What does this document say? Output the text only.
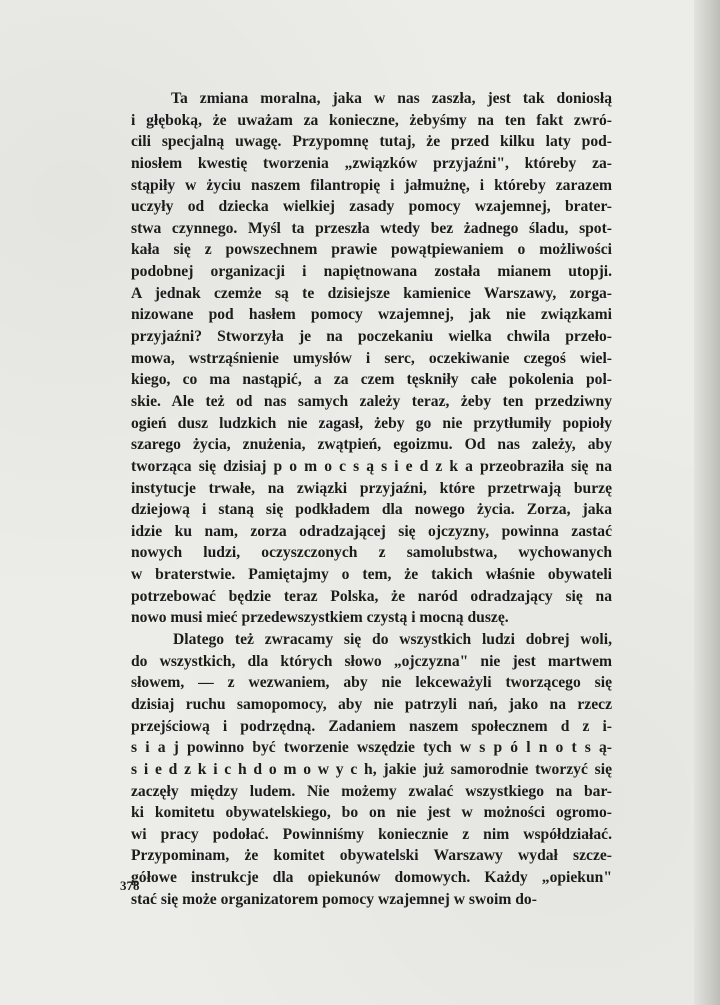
Ta zmiana moralna, jaka w nas zaszła, jest tak doniosłą
i głęboką, że uważam za konieczne, żebyśmy na ten fakt zwró-
cili specjalną uwagę. Przypomnę tutaj, że przed kilku laty pod-
niosłem kwestię tworzenia „związków przyjaźni", któreby za-
stąpiły w życiu naszem filantropię i jałmużnę, i któreby zarazem
uczyły od dziecka wielkiej zasady pomocy wzajemnej, brater-
stwa czynnego. Myśl ta przeszła wtedy bez żadnego śladu, spot-
kała się z powszechnem prawie powątpiewaniem o możliwości
podobnej organizacji i napiętnowana została mianem utopji.
A jednak czemże są te dzisiejsze kamienice Warszawy, zorga-
nizowane pod hasłem pomocy wzajemnej, jak nie związkami
przyjaźni? Stworzyła je na poczekaniu wielka chwila przeło-
mowa, wstrząśnienie umysłów i serc, oczekiwanie czegoś wiel-
kiego, co ma nastąpić, a za czem tęskniły całe pokolenia pol-
skie. Ale też od nas samych zależy teraz, żeby ten przedziwny
ogień dusz ludzkich nie zagasł, żeby go nie przytłumiły popioły
szarego życia, znużenia, zwątpień, egoizmu. Od nas zależy, aby
tworząca się dzisiaj p o m o c s ą s i e d z k a przeobraziła się na
instytucje trwałe, na związki przyjaźni, które przetrwają burzę
dziejową i staną się podkładem dla nowego życia. Zorza, jaka
idzie ku nam, zorza odradzającej się ojczyzny, powinna zastać
nowych ludzi, oczyszczonych z samolubstwa, wychowanych
w braterstwie. Pamiętajmy o tem, że takich właśnie obywateli
potrzebować będzie teraz Polska, że naród odradzający się na
nowo musi mieć przedewszystkiem czystą i mocną duszę.
Dlatego też zwracamy się do wszystkich ludzi dobrej woli,
do wszystkich, dla których słowo „ojczyzna" nie jest martwem
słowem, — z wezwaniem, aby nie lekceważyli tworzącego się
dzisiaj ruchu samopomocy, aby nie patrzyli nań, jako na rzecz
przejściową i podrzędną. Zadaniem naszem społecznem d z i-
s i a j powinno być tworzenie wszędzie tych w s p ó l n o t s ą-
s i e d z k i c h d o m o w y c h, jakie już samorodnie tworzyć się
zaczęły między ludem. Nie możemy zwalać wszystkiego na bar-
ki komitetu obywatelskiego, bo on nie jest w możności ogromo-
wi pracy podołać. Powinniśmy koniecznie z nim współdziałać.
Przypominam, że komitet obywatelski Warszawy wydał szcze-
gółowe instrukcje dla opiekunów domowych. Każdy „opiekun"
stać się może organizatorem pomocy wzajemnej w swoim do-
378
